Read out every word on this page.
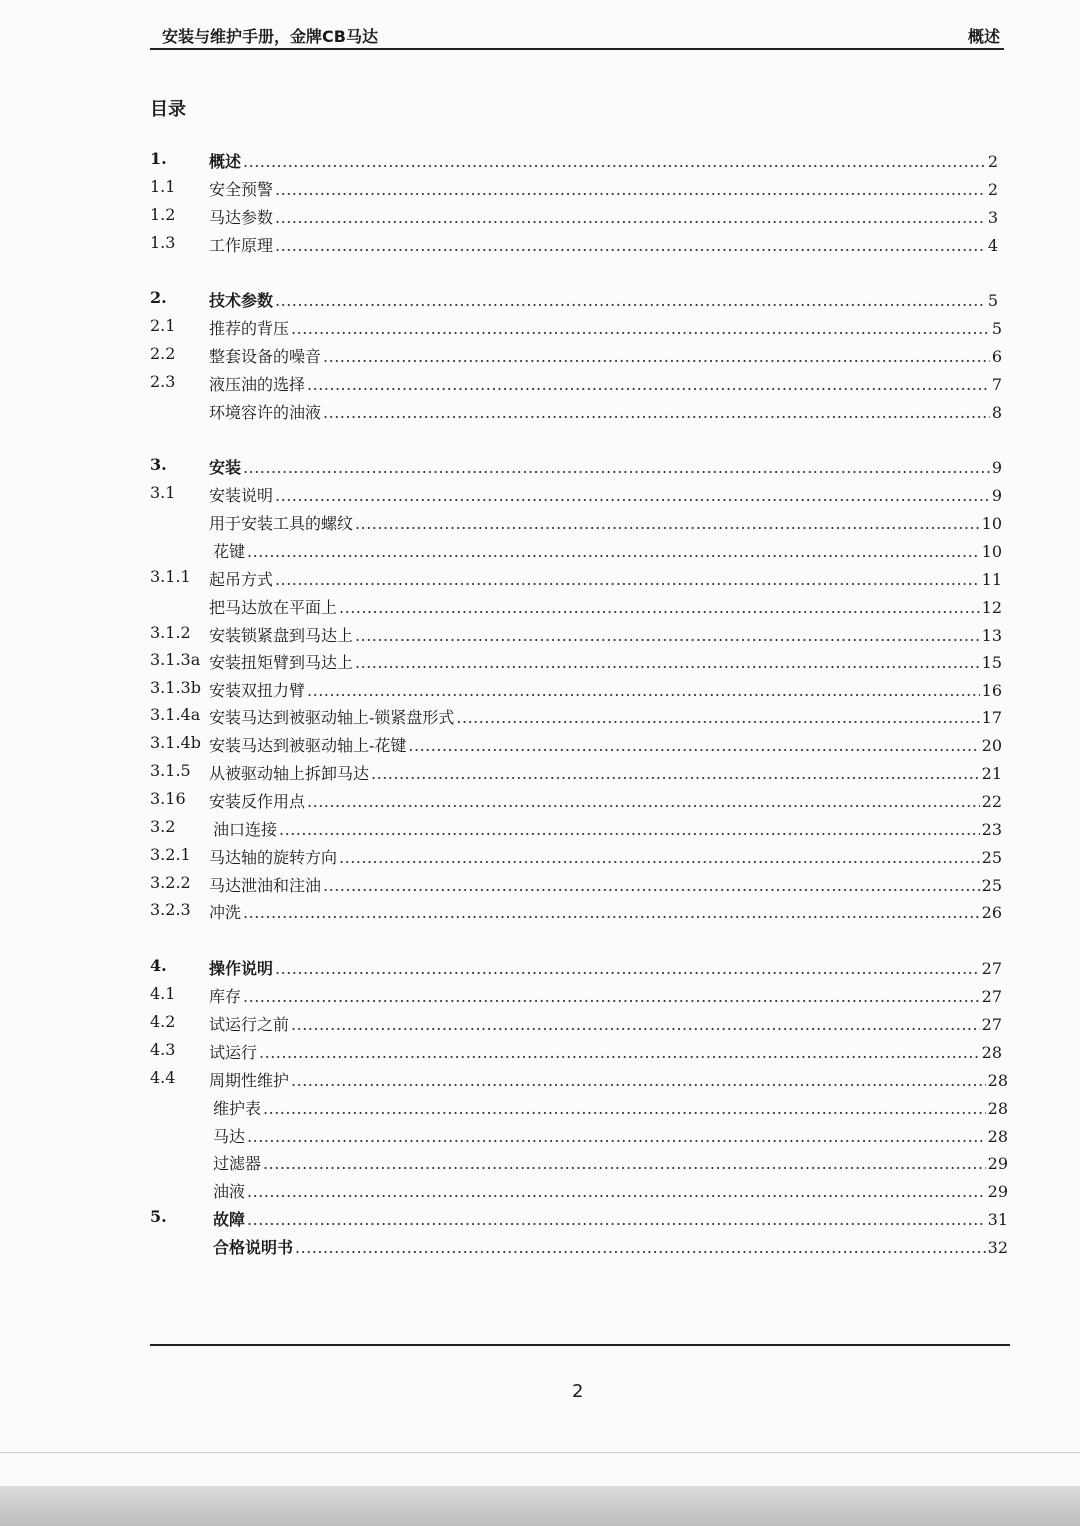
安装与维护手册，金牌CB马达	概述
目录
1.	概述 .....	2
1.1 安全预警 .....	2
1.2 马达参数 .....	3
1.3 工作原理 .....	4
2.	技术参数 .....	5
2.1 推荐的背压 .....	5
2.2 整套设备的噪音 .....	6
2.3 液压油的选择 .....	7
环境容许的油液 .....	8
3.	安装 .....	9
3.1 安装说明 .....	9
用于安装工具的螺纹 .....	10
花键 .....	10
3.1.1 起吊方式 .....	11
把马达放在平面上 .....	12
3.1.2 安装锁紧盘到马达上 .....	13
3.1.3a 安装扭矩臂到马达上 .....	15
3.1.3b 安装双扭力臂 .....	16
3.1.4a 安装马达到被驱动轴上-锁紧盘形式 .....	17
3.1.4b 安装马达到被驱动轴上-花键 .....	20
3.1.5 从被驱动轴上拆卸马达 .....	21
3.16 安装反作用点 .....	22
3.2 油口连接 .....	23
3.2.1 马达轴的旋转方向 .....	25
3.2.2 马达泄油和注油 .....	25
3.2.3 冲洗 .....	26
4.	操作说明 .....	27
4.1 库存 .....	27
4.2 试运行之前 .....	27
4.3 试运行 .....	28
4.4 周期性维护 .....	28
维护表 .....	28
马达 .....	28
过滤器 .....	29
油液 .....	29
5.	故障 .....	31
合格说明书 .....	32
2
